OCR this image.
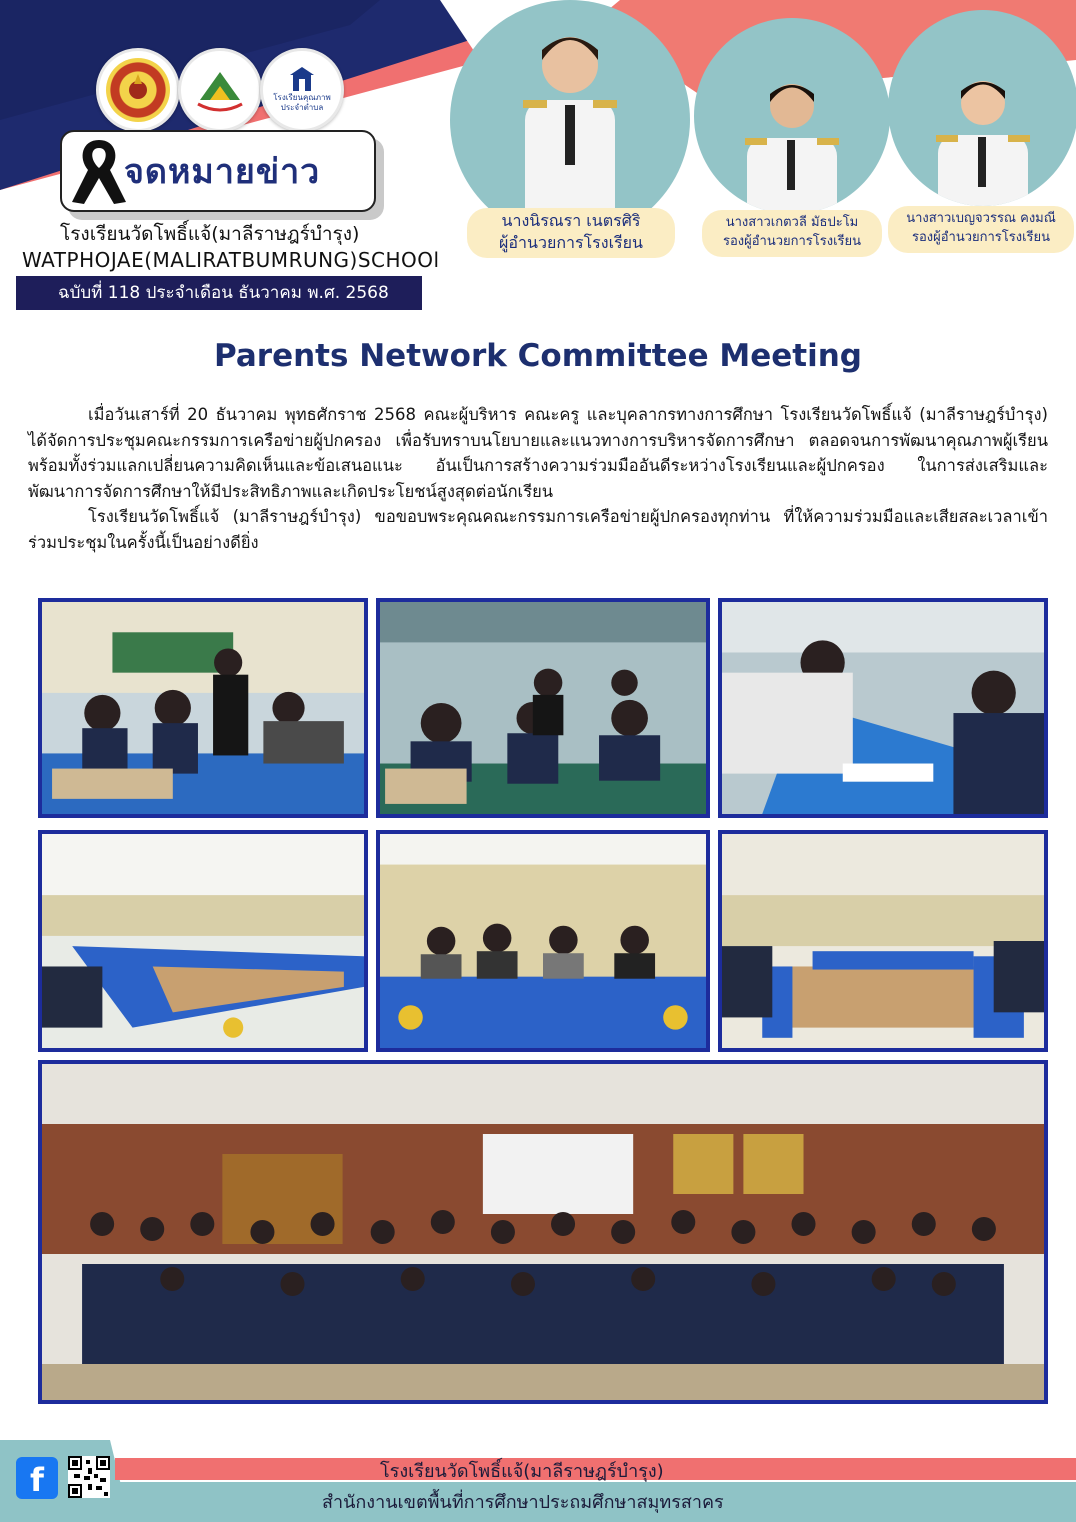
โรงเรียนคุณภาพ ประจำตำบล
จดหมายข่าว
โรงเรียนวัดโพธิ์แจ้(มาลีราษฎร์บำรุง)
WATPHOJAE(MALIRATBUMRUNG)SCHOOl
ฉบับที่ 118 ประจำเดือน ธันวาคม พ.ศ. 2568
นางนิรณรา เนตรศิริ
ผู้อำนวยการโรงเรียน
นางสาวเกตวลี มัธปะโม
รองผู้อำนวยการโรงเรียน
นางสาวเบญจวรรณ คงมณี
รองผู้อำนวยการโรงเรียน
Parents Network Committee Meeting

เมื่อวันเสาร์ที่ 20 ธันวาคม พุทธศักราช 2568 คณะผู้บริหาร คณะครู และบุคลากรทางการศึกษา โรงเรียนวัดโพธิ์แจ้ (มาลีราษฎร์บำรุง) ได้จัดการประชุมคณะกรรมการเครือข่ายผู้ปกครอง เพื่อรับทราบนโยบายและแนวทางการบริหารจัดการศึกษา ตลอดจนการพัฒนาคุณภาพผู้เรียน พร้อมทั้งร่วมแลกเปลี่ยนความคิดเห็นและข้อเสนอแนะ อันเป็นการสร้างความร่วมมืออันดีระหว่างโรงเรียนและผู้ปกครอง ในการส่งเสริมและพัฒนาการจัดการศึกษาให้มีประสิทธิภาพและเกิดประโยชน์สูงสุดต่อนักเรียน

โรงเรียนวัดโพธิ์แจ้ (มาลีราษฎร์บำรุง) ขอขอบพระคุณคณะกรรมการเครือข่ายผู้ปกครองทุกท่าน ที่ให้ความร่วมมือและเสียสละเวลาเข้าร่วมประชุมในครั้งนี้เป็นอย่างดียิ่ง

f	โรงเรียนวัดโพธิ์แจ้(มาลีราษฎร์บำรุง)
สำนักงานเขตพื้นที่การศึกษาประถมศึกษาสมุทรสาคร
